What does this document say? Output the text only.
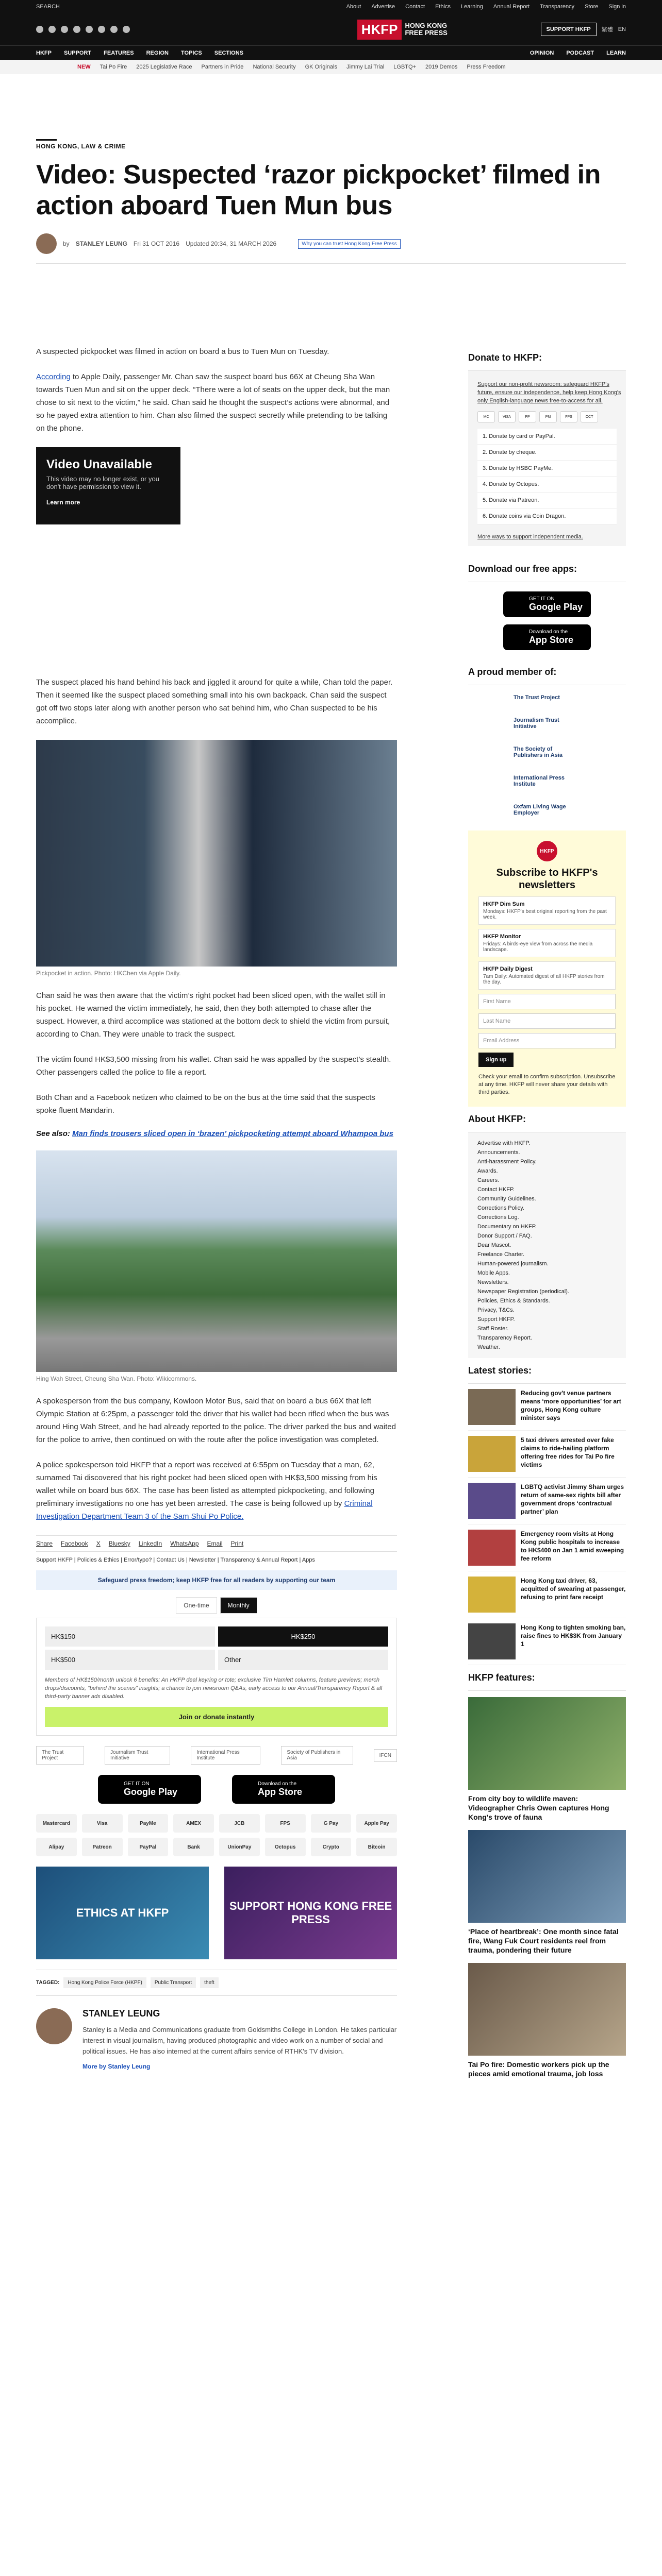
SEARCH	About Advertise Contact Ethics Learning Annual Report Transparency Store Sign in
HKFP	HONG KONG
FREE PRESS	SUPPORT HKFP	繁體 EN
HKFP SUPPORT FEATURES REGION TOPICS SECTIONS	OPINION PODCAST LEARN
NEW Tai Po Fire 2025 Legislative Race Partners in Pride National Security GK Originals Jimmy Lai Trial LGBTQ+ 2019 Demos Press Freedom
HONG KONG, LAW & CRIME
Video: Suspected ‘razor pickpocket’ filmed in action aboard Tuen Mun bus
by STANLEY LEUNG Fri 31 OCT 2016 Updated 20:34, 31 MARCH 2026	Why you can trust Hong Kong Free Press

A suspected pickpocket was filmed in action on board a bus to Tuen Mun on Tuesday.

According to Apple Daily, passenger Mr. Chan saw the suspect board bus 66X at Cheung Sha Wan towards Tuen Mun and sit on the upper deck. “There were a lot of seats on the upper deck, but the man chose to sit next to the victim,” he said. Chan said he thought the suspect’s actions were abnormal, and so he payed extra attention to him. Chan also filmed the suspect secretly while pretending to be talking on the phone.

Video Unavailable
This video may no longer exist, or you don't have permission to view it.
Learn more

The suspect placed his hand behind his back and jiggled it around for quite a while, Chan told the paper. Then it seemed like the suspect placed something small into his own backpack. Chan said the suspect got off two stops later along with another person who sat behind him, who Chan suspected to be his accomplice.

Pickpocket in action. Photo: HKChen via Apple Daily.

Chan said he was then aware that the victim’s right pocket had been sliced open, with the wallet still in his pocket. He warned the victim immediately, he said, then they both attempted to chase after the suspect. However, a third accomplice was stationed at the bottom deck to shield the victim from pursuit, according to Chan. They were unable to track the suspect.

The victim found HK$3,500 missing from his wallet. Chan said he was appalled by the suspect’s stealth. Other passengers called the police to file a report.

Both Chan and a Facebook netizen who claimed to be on the bus at the time said that the suspects spoke fluent Mandarin.

See also: Man finds trousers sliced open in ‘brazen’ pickpocketing attempt aboard Whampoa bus

Hing Wah Street, Cheung Sha Wan. Photo: Wikicommons.

A spokesperson from the bus company, Kowloon Motor Bus, said that on board a bus 66X that left Olympic Station at 6:25pm, a passenger told the driver that his wallet had been rifled when the bus was around Hing Wah Street, and he had already reported to the police. The driver parked the bus and waited for the police to arrive, then continued on with the route after the police investigation was completed.

A police spokesperson told HKFP that a report was received at 6:55pm on Tuesday that a man, 62, surnamed Tai discovered that his right pocket had been sliced open with HK$3,500 missing from his wallet while on board bus 66X. The case has been listed as attempted pickpocketing, and following preliminary investigations no one has yet been arrested. The case is being followed up by Criminal Investigation Department Team 3 of the Sam Shui Po Police.

Share Facebook X Bluesky LinkedIn WhatsApp Email Print
Support HKFP | Policies & Ethics | Error/typo? | Contact Us | Newsletter | Transparency & Annual Report | Apps
Safeguard press freedom; keep HKFP free for all readers by supporting our team
One-time	Monthly
HK$150	HK$250
HK$500	Other

Members of HK$150/month unlock 6 benefits: An HKFP deal keyring or tote; exclusive Tim Hamlett columns, feature previews; merch drops/discounts, “behind the scenes” insights; a chance to join newsroom Q&As, early access to our Annual/Transparency Report & all third-party banner ads disabled.

Join or donate instantly
The Trust Project
Journalism Trust Initiative
International Press Institute
Society of Publishers in Asia	IFCN
GET IT ON
Google Play
Download on the
App Store
Mastercard	Visa	PayMe	AMEX	JCB	FPS	G Pay	Apple Pay
Alipay	Patreon	PayPal	Bank	UnionPay	Octopus	Crypto	Bitcoin
ETHICS AT HKFP
SUPPORT HONG KONG FREE PRESS
TAGGED:	Hong Kong Police Force (HKPF)	Public Transport	theft
STANLEY LEUNG

Stanley is a Media and Communications graduate from Goldsmiths College in London. He takes particular interest in visual journalism, having produced photographic and video work on a number of social and political issues. He has also interned at the current affairs service of RTHK's TV division.

More by Stanley Leung
Donate to HKFP:

Support our non-profit newsroom: safeguard HKFP's future, ensure our independence, help keep Hong Kong's only English-language news free-to-access for all.

MC	VISA	PP	PM	FPS	OCT
1. Donate by card or PayPal.
2. Donate by cheque.
3. Donate by HSBC PayMe.
4. Donate by Octopus.
5. Donate via Patreon.
6. Donate coins via Coin Dragon.

More ways to support independent media.

Download our free apps:
GET IT ON
Google Play
Download on the
App Store
A proud member of:
The Trust Project
Journalism Trust Initiative
The Society of Publishers in Asia
International Press Institute
Oxfam Living Wage Employer
HKFP
Subscribe to HKFP's newsletters
HKFP Dim Sum
Mondays: HKFP's best original reporting from the past week.
HKFP Monitor
Fridays: A birds-eye view from across the media landscape.
HKFP Daily Digest
7am Daily: Automated digest of all HKFP stories from the day.
First Name
Last Name
Email Address
Sign up

Check your email to confirm subscription. Unsubscribe at any time. HKFP will never share your details with third parties.

About HKFP:
Advertise with HKFP.
Announcements.
Anti-harassment Policy.
Awards.
Careers.
Contact HKFP.
Community Guidelines.
Corrections Policy.
Corrections Log.
Documentary on HKFP.
Donor Support / FAQ.
Dear Mascot.
Freelance Charter.
Human-powered journalism.
Mobile Apps.
Newsletters.
Newspaper Registration (periodical).
Policies, Ethics & Standards.
Privacy, T&Cs.
Support HKFP.
Staff Roster.
Transparency Report.
Weather.
Latest stories:
Reducing gov't venue partners means ‘more opportunities’ for art groups, Hong Kong culture minister says
5 taxi drivers arrested over fake claims to ride-hailing platform offering free rides for Tai Po fire victims
LGBTQ activist Jimmy Sham urges return of same-sex rights bill after government drops ‘contractual partner’ plan
Emergency room visits at Hong Kong public hospitals to increase to HK$400 on Jan 1 amid sweeping fee reform
Hong Kong taxi driver, 63, acquitted of swearing at passenger, refusing to print fare receipt
Hong Kong to tighten smoking ban, raise fines to HK$3K from January 1
HKFP features:
From city boy to wildlife maven: Videographer Chris Owen captures Hong Kong's trove of fauna
‘Place of heartbreak’: One month since fatal fire, Wang Fuk Court residents reel from trauma, pondering their future
Tai Po fire: Domestic workers pick up the pieces amid emotional trauma, job loss
